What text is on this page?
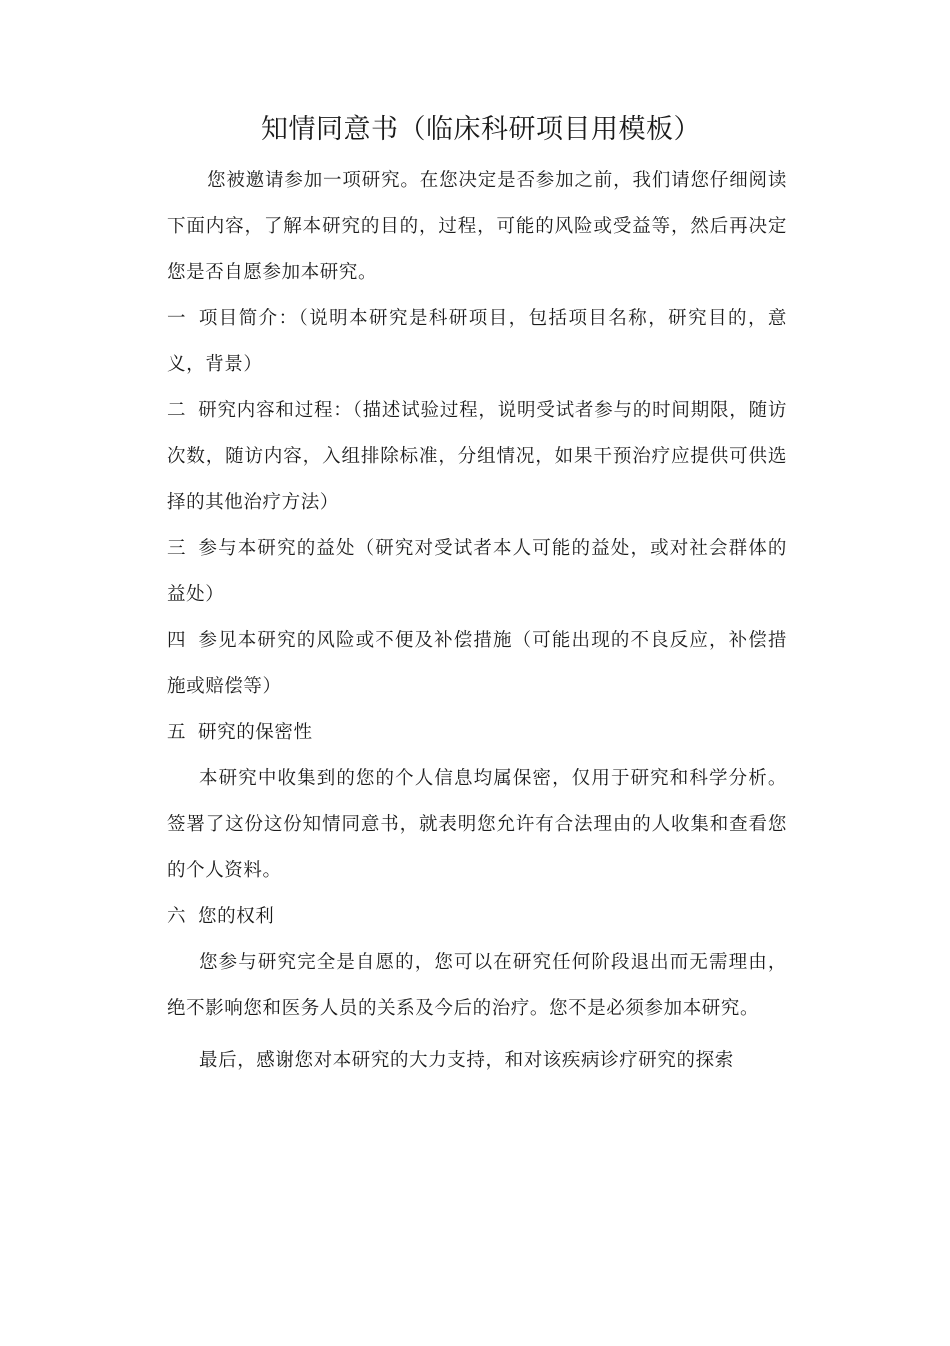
知情同意书（临床科研项目用模板）

您被邀请参加一项研究。在您决定是否参加之前，我们请您仔细阅读下面内容，了解本研究的目的，过程，可能的风险或受益等，然后再决定您是否自愿参加本研究。

一 项目简介：（说明本研究是科研项目，包括项目名称，研究目的，意义，背景）

二 研究内容和过程：（描述试验过程，说明受试者参与的时间期限，随访次数，随访内容，入组排除标准，分组情况，如果干预治疗应提供可供选择的其他治疗方法）

三 参与本研究的益处（研究对受试者本人可能的益处，或对社会群体的益处）

四 参见本研究的风险或不便及补偿措施（可能出现的不良反应，补偿措施或赔偿等）

五 研究的保密性

本研究中收集到的您的个人信息均属保密，仅用于研究和科学分析。签署了这份这份知情同意书，就表明您允许有合法理由的人收集和查看您的个人资料。

六 您的权利

您参与研究完全是自愿的，您可以在研究任何阶段退出而无需理由，绝不影响您和医务人员的关系及今后的治疗。您不是必须参加本研究。

最后，感谢您对本研究的大力支持，和对该疾病诊疗研究的探索
